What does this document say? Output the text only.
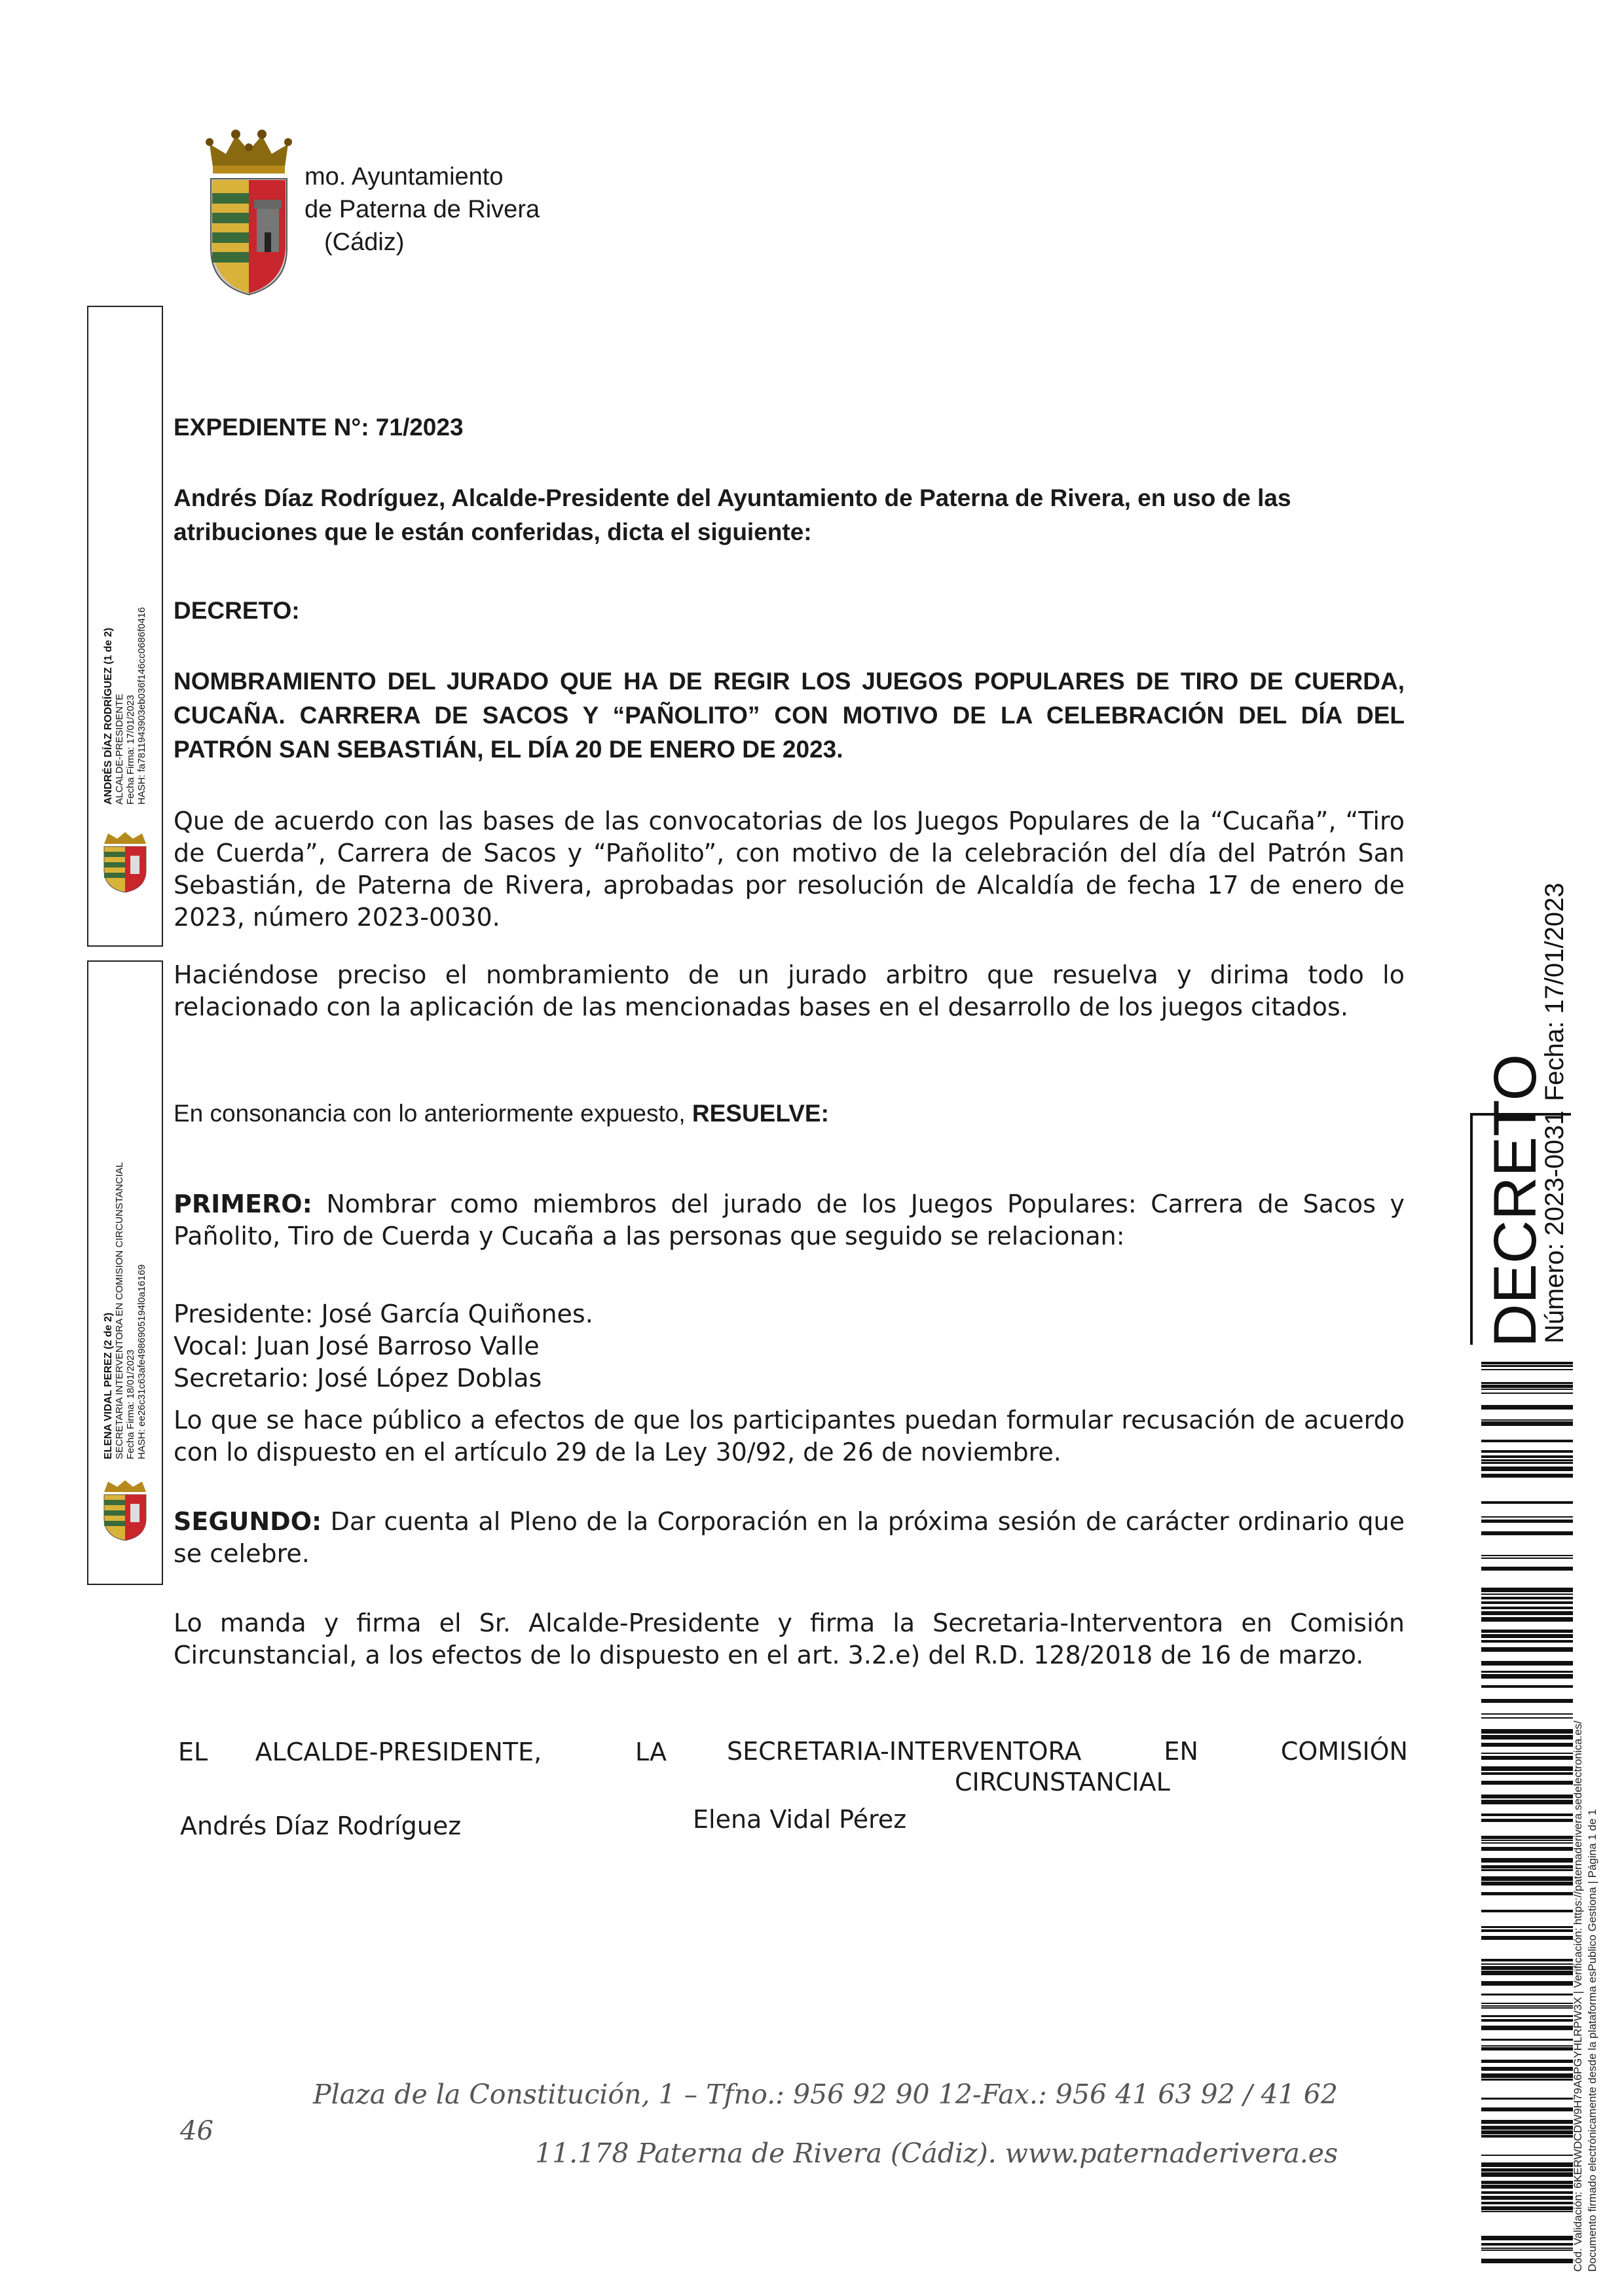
mo. Ayuntamiento
de Paterna de Rivera
(Cádiz)
ANDRÉS DÍAZ RODRÍGUEZ (1 de 2) ALCALDE-PRESIDENTE Fecha Firma: 17/01/2023 HASH: fa7811943903eb036f146cc0686f0416
ELENA VIDAL PEREZ (2 de 2) SECRETARIA INTERVENTORA EN COMISION CIRCUNSTANCIAL Fecha Firma: 18/01/2023 HASH: ee26c31c63afe4986905194l0a16169
EXPEDIENTE N°: 71/2023
Andrés Díaz Rodríguez, Alcalde-Presidente del Ayuntamiento de Paterna de Rivera, en uso de las atribuciones que le están conferidas, dicta el siguiente:
DECRETO:
NOMBRAMIENTO DEL JURADO QUE HA DE REGIR LOS JUEGOS POPULARES DE TIRO DE CUERDA, CUCAÑA. CARRERA DE SACOS Y “PAÑOLITO” CON MOTIVO DE LA CELEBRACIÓN DEL DÍA DEL PATRÓN SAN SEBASTIÁN, EL DÍA 20 DE ENERO DE 2023.
Que de acuerdo con las bases de las convocatorias de los Juegos Populares de la “Cucaña”, “Tiro de Cuerda”, Carrera de Sacos y “Pañolito”, con motivo de la celebración del día del Patrón San Sebastián, de Paterna de Rivera, aprobadas por resolución de Alcaldía de fecha 17 de enero de 2023, número 2023-0030.
Haciéndose preciso el nombramiento de un jurado arbitro que resuelva y dirima todo lo relacionado con la aplicación de las mencionadas bases en el desarrollo de los juegos citados.
En consonancia con lo anteriormente expuesto, RESUELVE:
PRIMERO: Nombrar como miembros del jurado de los Juegos Populares: Carrera de Sacos y Pañolito, Tiro de Cuerda y Cucaña a las personas que seguido se relacionan:
Presidente: José García Quiñones.
Vocal: Juan José Barroso Valle
Secretario: José López Doblas
Lo que se hace público a efectos de que los participantes puedan formular recusación de acuerdo con lo dispuesto en el artículo 29 de la Ley 30/92, de 26 de noviembre.
SEGUNDO: Dar cuenta al Pleno de la Corporación en la próxima sesión de carácter ordinario que se celebre.
Lo manda y firma el Sr. Alcalde-Presidente y firma la Secretaria-Interventora en Comisión Circunstancial, a los efectos de lo dispuesto en el art. 3.2.e) del R.D. 128/2018 de 16 de marzo.
EL      ALCALDE-PRESIDENTE,	LA SECRETARIA-INTERVENTORA      EN      COMISIÓN
CIRCUNSTANCIAL
Andrés Díaz Rodríguez	Elena Vidal Pérez
Plaza de la Constitución, 1 – Tfno.: 956 92 90 12-Fax.: 956 41 63 92 / 41 62
46
11.178 Paterna de Rivera (Cádiz). www.paternaderivera.es
DECRETO
Número: 2023-0031
Fecha: 17/01/2023
Cód. Validación: 6KERWDCDW9H79A6PGYHLRPW3X | Verificación: https://paternaderivera.sedelectronica.es/ Documento firmado electrónicamente desde la plataforma esPublico Gestiona | Página 1 de 1
